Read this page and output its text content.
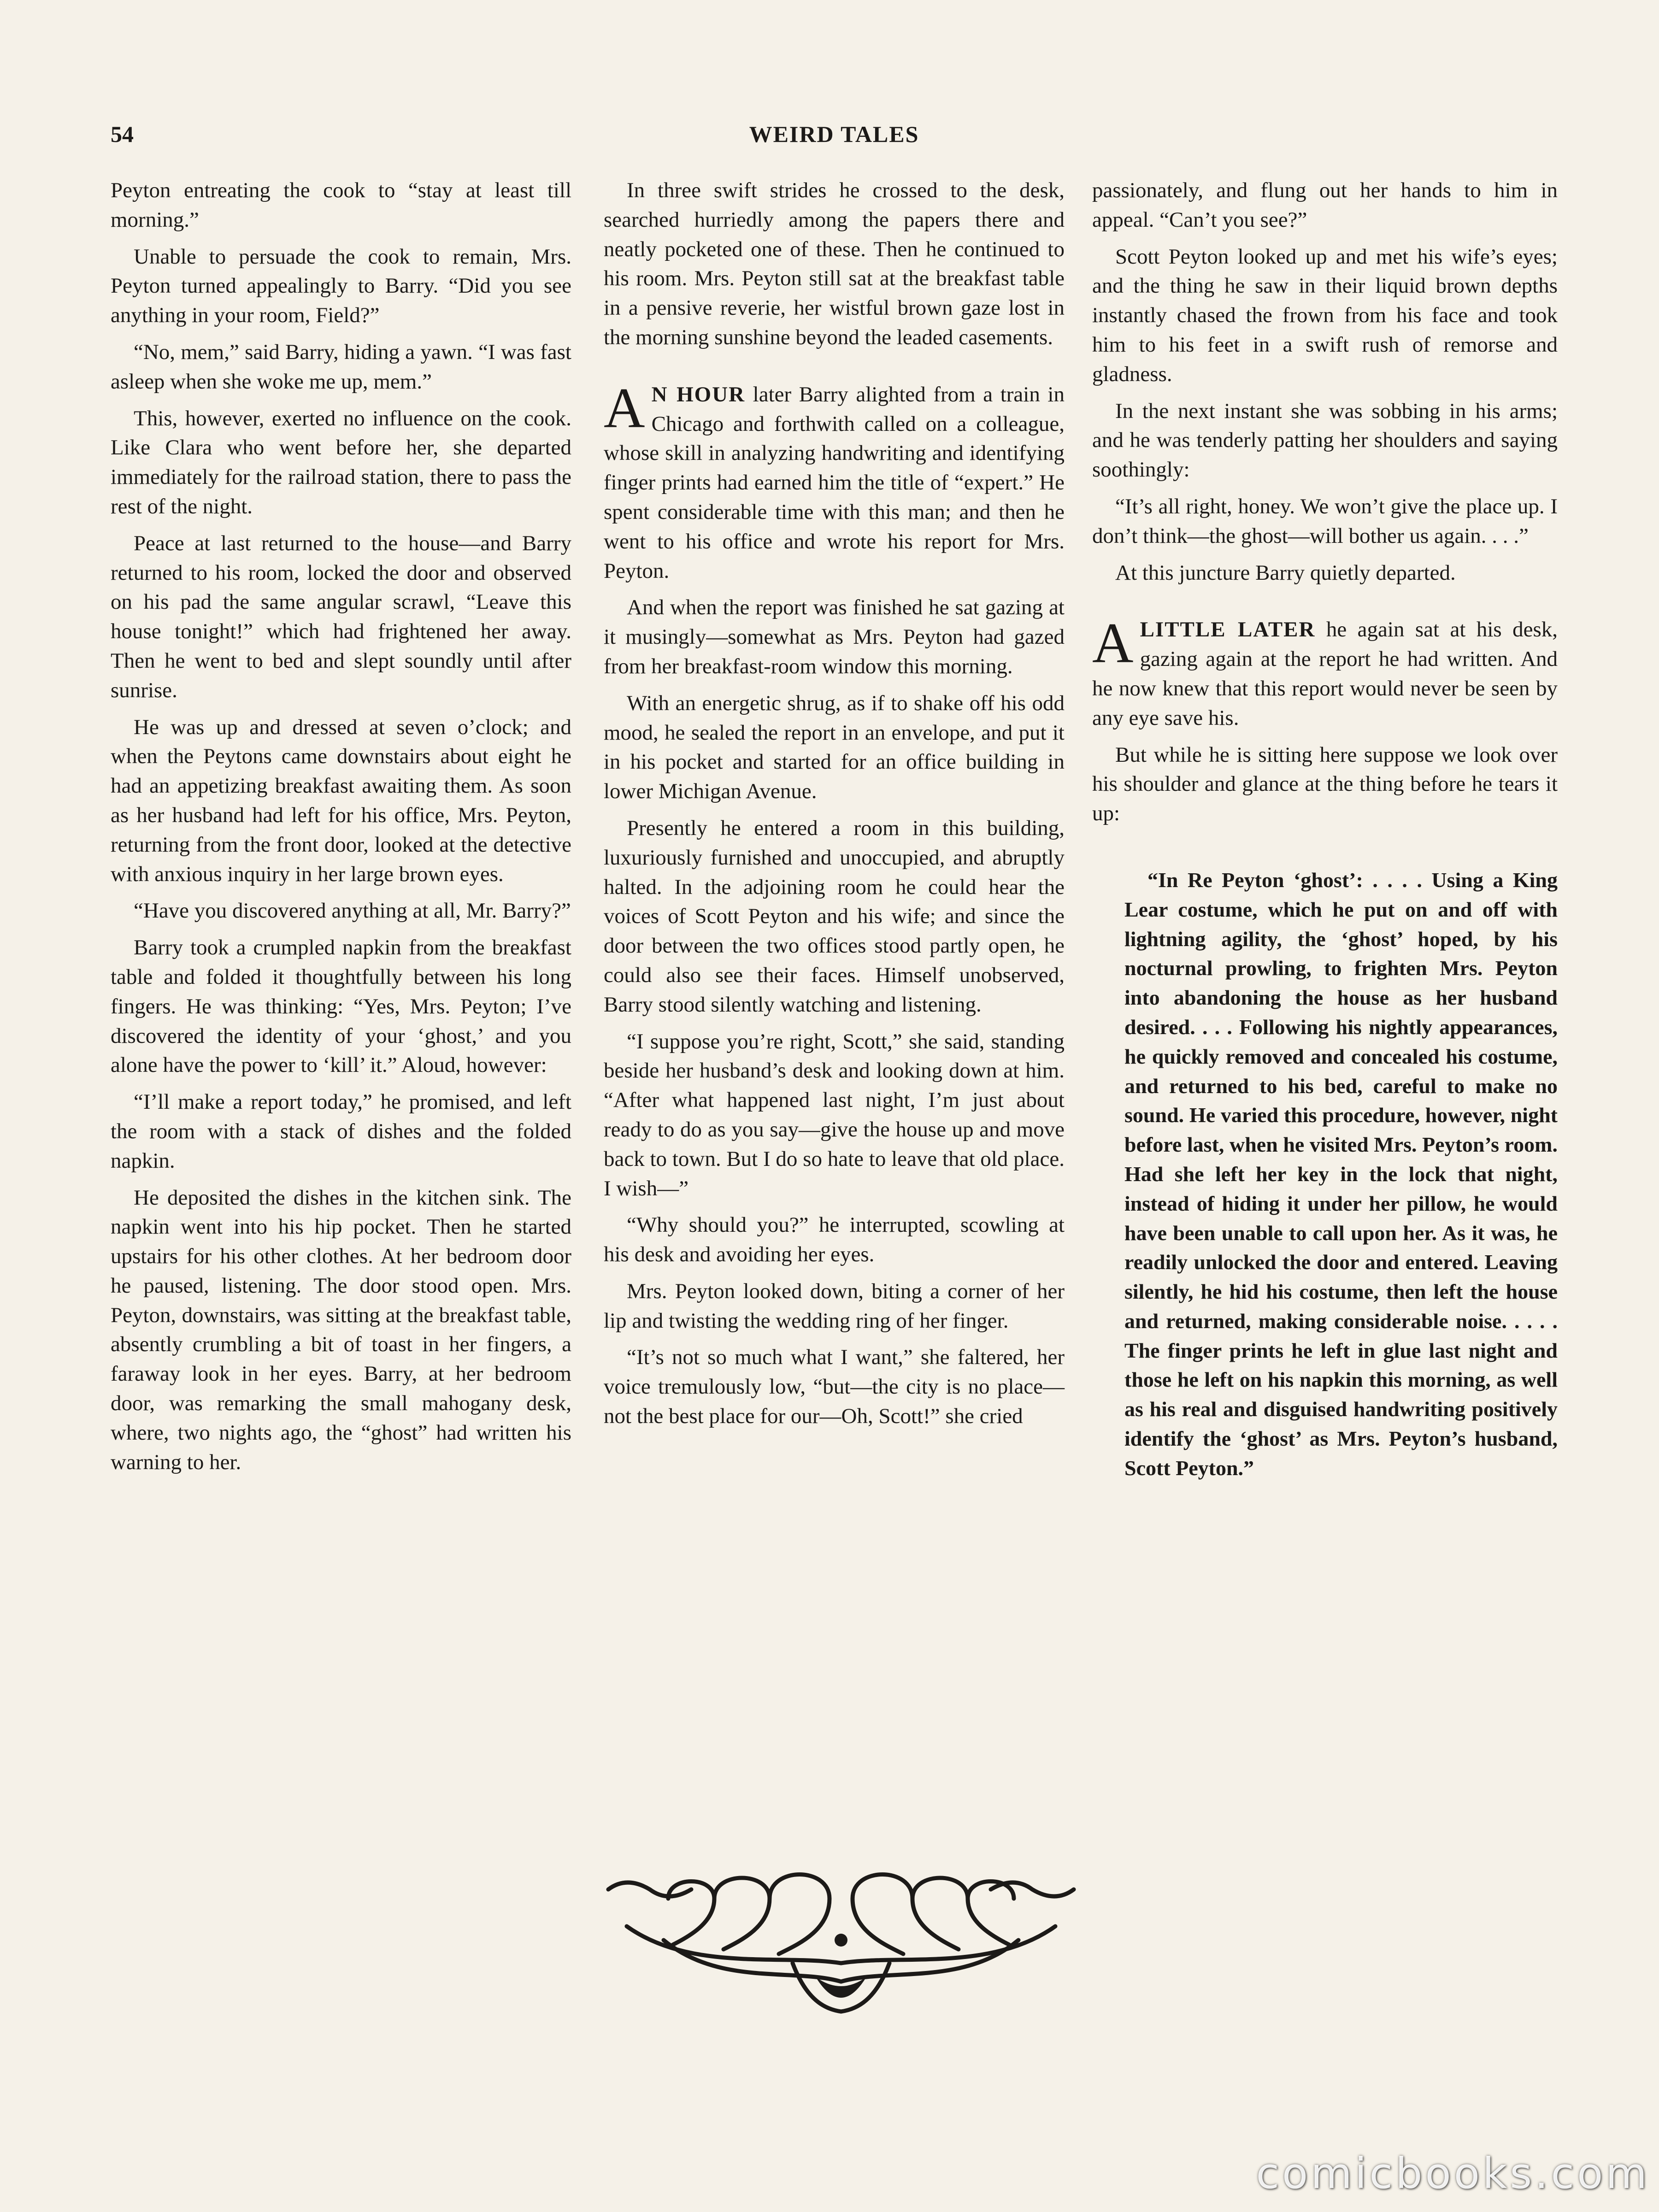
54	WEIRD TALES

Peyton entreating the cook to “stay at least till morning.”

Unable to persuade the cook to remain, Mrs. Peyton turned appealingly to Barry. “Did you see anything in your room, Field?”

“No, mem,” said Barry, hiding a yawn. “I was fast asleep when she woke me up, mem.”

This, however, exerted no influence on the cook. Like Clara who went before her, she departed immediately for the railroad station, there to pass the rest of the night.

Peace at last returned to the house—and Barry returned to his room, locked the door and observed on his pad the same angular scrawl, “Leave this house tonight!” which had frightened her away. Then he went to bed and slept soundly until after sunrise.

He was up and dressed at seven o’clock; and when the Peytons came downstairs about eight he had an appetizing breakfast awaiting them. As soon as her husband had left for his office, Mrs. Peyton, returning from the front door, looked at the detective with anxious inquiry in her large brown eyes.

“Have you discovered anything at all, Mr. Barry?”

Barry took a crumpled napkin from the breakfast table and folded it thoughtfully between his long fingers. He was thinking: “Yes, Mrs. Peyton; I’ve discovered the identity of your ‘ghost,’ and you alone have the power to ‘kill’ it.” Aloud, however:

“I’ll make a report today,” he promised, and left the room with a stack of dishes and the folded napkin.

He deposited the dishes in the kitchen sink. The napkin went into his hip pocket. Then he started upstairs for his other clothes. At her bedroom door he paused, listening. The door stood open. Mrs. Peyton, downstairs, was sitting at the breakfast table, absently crumbling a bit of toast in her fingers, a faraway look in her eyes. Barry, at her bedroom door, was remarking the small mahogany desk, where, two nights ago, the “ghost” had written his warning to her.

In three swift strides he crossed to the desk, searched hurriedly among the papers there and neatly pocketed one of these. Then he continued to his room. Mrs. Peyton still sat at the breakfast table in a pensive reverie, her wistful brown gaze lost in the morning sunshine beyond the leaded casements.

A N HOUR later Barry alighted from a train in Chicago and forthwith called on a colleague, whose skill in analyzing handwriting and identifying finger prints had earned him the title of “expert.” He spent considerable time with this man; and then he went to his office and wrote his report for Mrs. Peyton.

And when the report was finished he sat gazing at it musingly—somewhat as Mrs. Peyton had gazed from her breakfast-room window this morning.

With an energetic shrug, as if to shake off his odd mood, he sealed the report in an envelope, and put it in his pocket and started for an office building in lower Michigan Avenue.

Presently he entered a room in this building, luxuriously furnished and unoccupied, and abruptly halted. In the adjoining room he could hear the voices of Scott Peyton and his wife; and since the door between the two offices stood partly open, he could also see their faces. Himself unobserved, Barry stood silently watching and listening.

“I suppose you’re right, Scott,” she said, standing beside her husband’s desk and looking down at him. “After what happened last night, I’m just about ready to do as you say—give the house up and move back to town. But I do so hate to leave that old place. I wish—”

“Why should you?” he interrupted, scowling at his desk and avoiding her eyes.

Mrs. Peyton looked down, biting a corner of her lip and twisting the wedding ring of her finger.

“It’s not so much what I want,” she faltered, her voice tremulously low, “but—the city is no place—not the best place for our—Oh, Scott!” she cried

passionately, and flung out her hands to him in appeal. “Can’t you see?”

Scott Peyton looked up and met his wife’s eyes; and the thing he saw in their liquid brown depths instantly chased the frown from his face and took him to his feet in a swift rush of remorse and gladness.

In the next instant she was sobbing in his arms; and he was tenderly patting her shoulders and saying soothingly:

“It’s all right, honey. We won’t give the place up. I don’t think—the ghost—will bother us again. . . .”

At this juncture Barry quietly departed.

ALITTLE LATER he again sat at his desk, gazing again at the report he had written. And he now knew that this report would never be seen by any eye save his.

But while he is sitting here suppose we look over his shoulder and glance at the thing before he tears it up:

“In Re Peyton ‘ghost’: . . . . Using a King Lear costume, which he put on and off with lightning agility, the ‘ghost’ hoped, by his nocturnal prowling, to frighten Mrs. Peyton into abandoning the house as her husband desired. . . . Following his nightly appearances, he quickly removed and concealed his costume, and returned to his bed, careful to make no sound. He varied this procedure, however, night before last, when he visited Mrs. Peyton’s room. Had she left her key in the lock that night, instead of hiding it under her pillow, he would have been unable to call upon her. As it was, he readily unlocked the door and entered. Leaving silently, he hid his costume, then left the house and returned, making considerable noise. . . . . The finger prints he left in glue last night and those he left on his napkin this morning, as well as his real and disguised handwriting positively identify the ‘ghost’ as Mrs. Peyton’s husband, Scott Peyton.”

comicbooks.com
